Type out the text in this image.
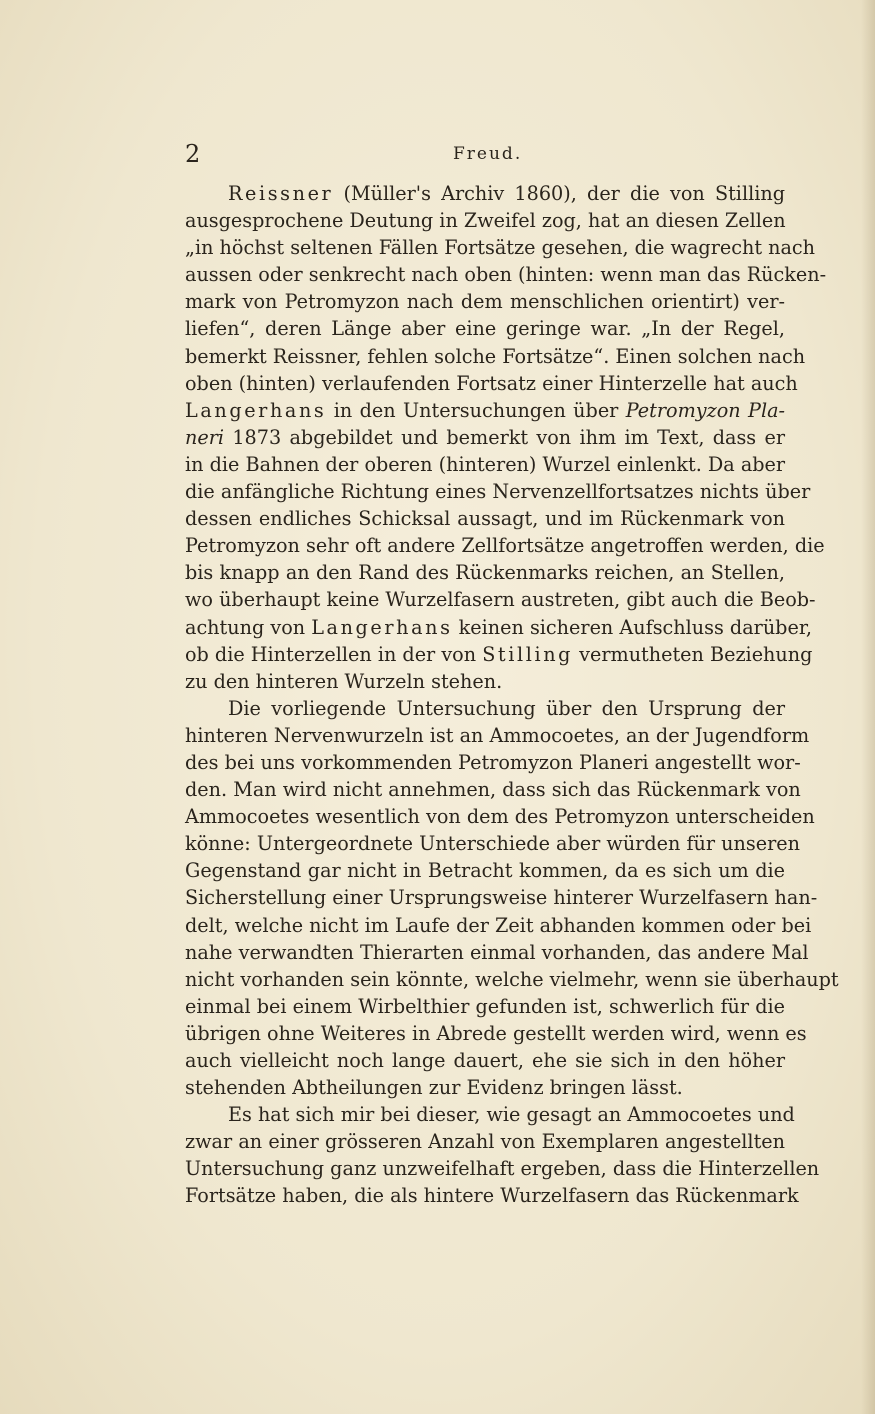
2	Freud.
Reissner (Müller's Archiv 1860), der die von Stilling
ausgesprochene Deutung in Zweifel zog, hat an diesen Zellen
„in höchst seltenen Fällen Fortsätze gesehen, die wagrecht nach
aussen oder senkrecht nach oben (hinten: wenn man das Rücken-
mark von Petromyzon nach dem menschlichen orientirt) ver-
liefen“, deren Länge aber eine geringe war. „In der Regel,
bemerkt Reissner, fehlen solche Fortsätze“. Einen solchen nach
oben (hinten) verlaufenden Fortsatz einer Hinterzelle hat auch
Langerhans in den Untersuchungen über Petromyzon Pla-
neri 1873 abgebildet und bemerkt von ihm im Text, dass er
in die Bahnen der oberen (hinteren) Wurzel einlenkt. Da aber
die anfängliche Richtung eines Nervenzellfortsatzes nichts über
dessen endliches Schicksal aussagt, und im Rückenmark von
Petromyzon sehr oft andere Zellfortsätze angetroffen werden, die
bis knapp an den Rand des Rückenmarks reichen, an Stellen,
wo überhaupt keine Wurzelfasern austreten, gibt auch die Beob-
achtung von Langerhans keinen sicheren Aufschluss darüber,
ob die Hinterzellen in der von Stilling vermutheten Beziehung
zu den hinteren Wurzeln stehen.
Die vorliegende Untersuchung über den Ursprung der
hinteren Nervenwurzeln ist an Ammocoetes, an der Jugendform
des bei uns vorkommenden Petromyzon Planeri angestellt wor-
den. Man wird nicht annehmen, dass sich das Rückenmark von
Ammocoetes wesentlich von dem des Petromyzon unterscheiden
könne: Untergeordnete Unterschiede aber würden für unseren
Gegenstand gar nicht in Betracht kommen, da es sich um die
Sicherstellung einer Ursprungsweise hinterer Wurzelfasern han-
delt, welche nicht im Laufe der Zeit abhanden kommen oder bei
nahe verwandten Thierarten einmal vorhanden, das andere Mal
nicht vorhanden sein könnte, welche vielmehr, wenn sie überhaupt
einmal bei einem Wirbelthier gefunden ist, schwerlich für die
übrigen ohne Weiteres in Abrede gestellt werden wird, wenn es
auch vielleicht noch lange dauert, ehe sie sich in den höher
stehenden Abtheilungen zur Evidenz bringen lässt.
Es hat sich mir bei dieser, wie gesagt an Ammocoetes und
zwar an einer grösseren Anzahl von Exemplaren angestellten
Untersuchung ganz unzweifelhaft ergeben, dass die Hinterzellen
Fortsätze haben, die als hintere Wurzelfasern das Rückenmark
